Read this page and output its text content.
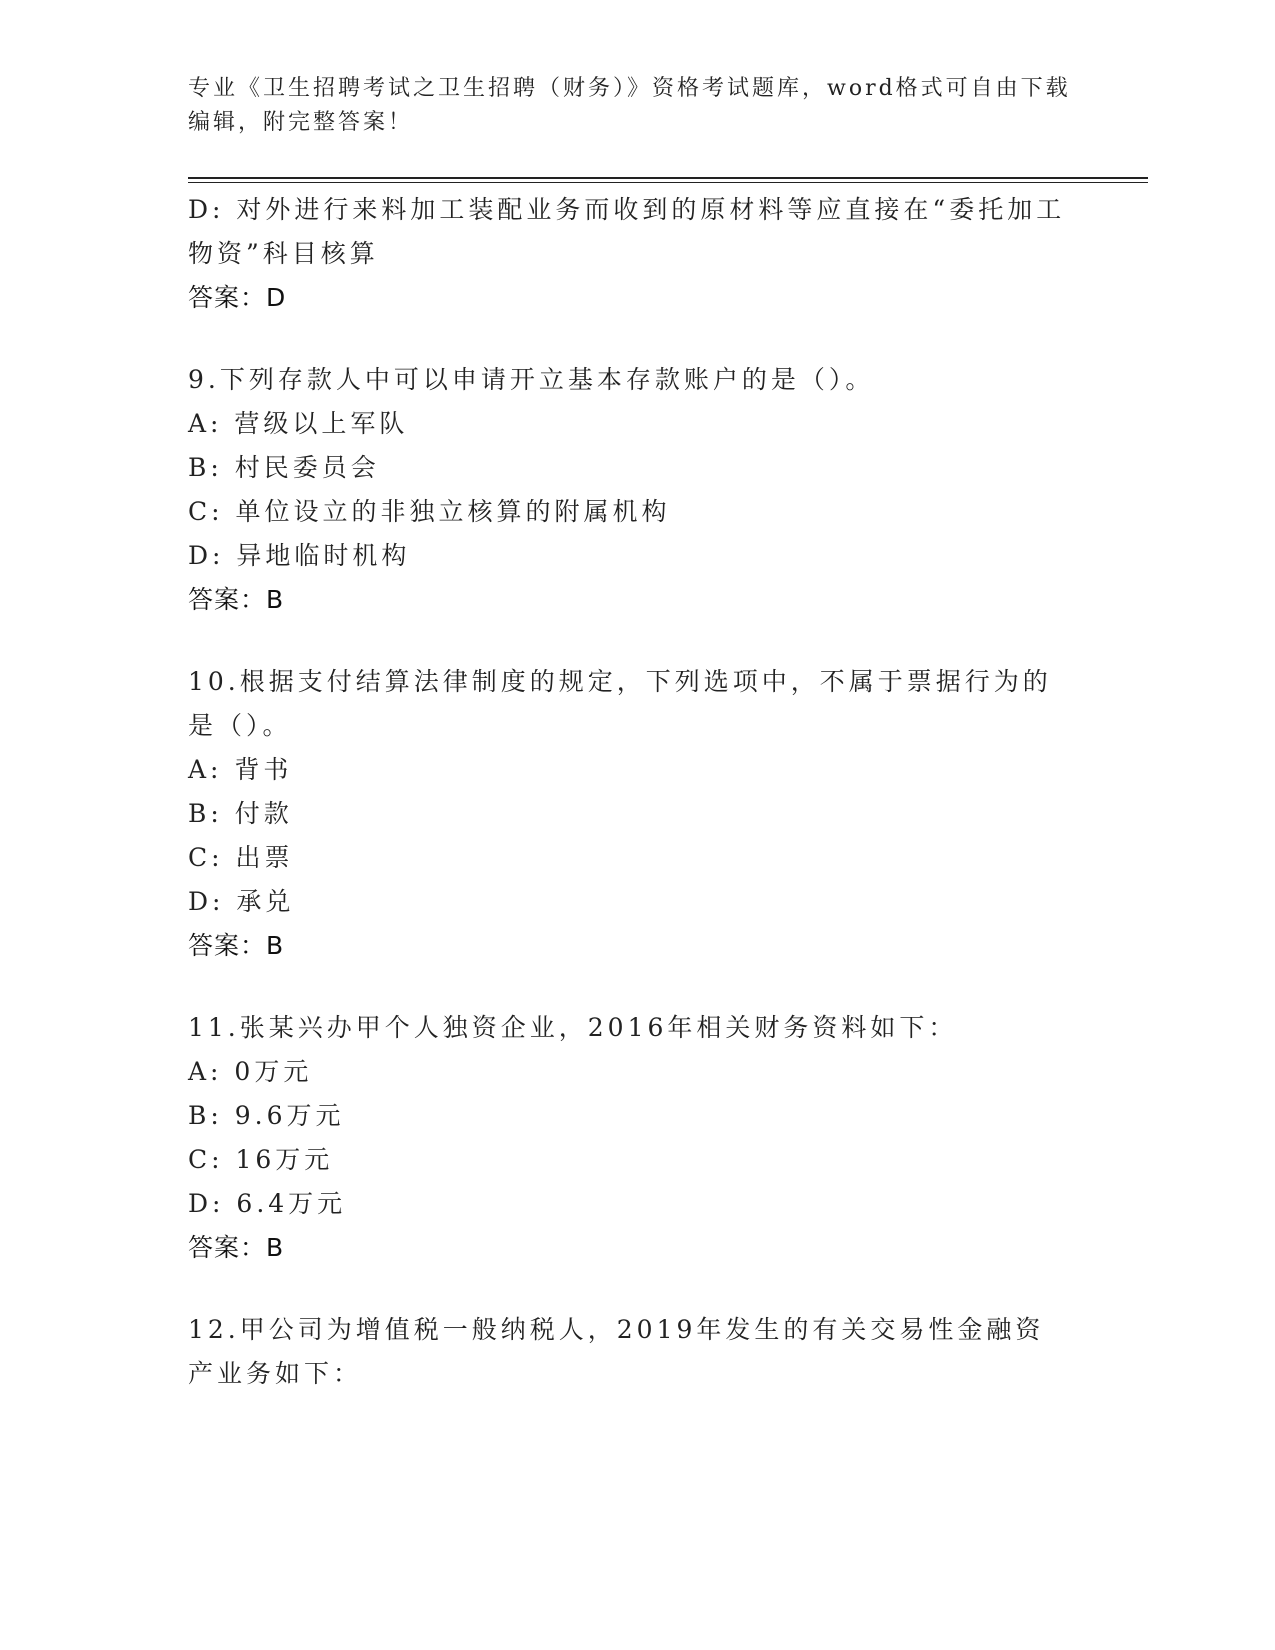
专业《卫生招聘考试之卫生招聘（财务）》资格考试题库，word格式可自由下载编辑，附完整答案！

D: 对外进行来料加工装配业务而收到的原材料等应直接在“委托加工物资”科目核算

答案：D

9.下列存款人中可以申请开立基本存款账户的是（）。

A: 营级以上军队

B: 村民委员会

C: 单位设立的非独立核算的附属机构

D: 异地临时机构

答案：B

10.根据支付结算法律制度的规定，下列选项中，不属于票据行为的是（）。

A: 背书

B: 付款

C: 出票

D: 承兑

答案：B

11.张某兴办甲个人独资企业，2016年相关财务资料如下：

A: 0万元

B: 9.6万元

C: 16万元

D: 6.4万元

答案：B

12.甲公司为增值税一般纳税人，2019年发生的有关交易性金融资产业务如下：
